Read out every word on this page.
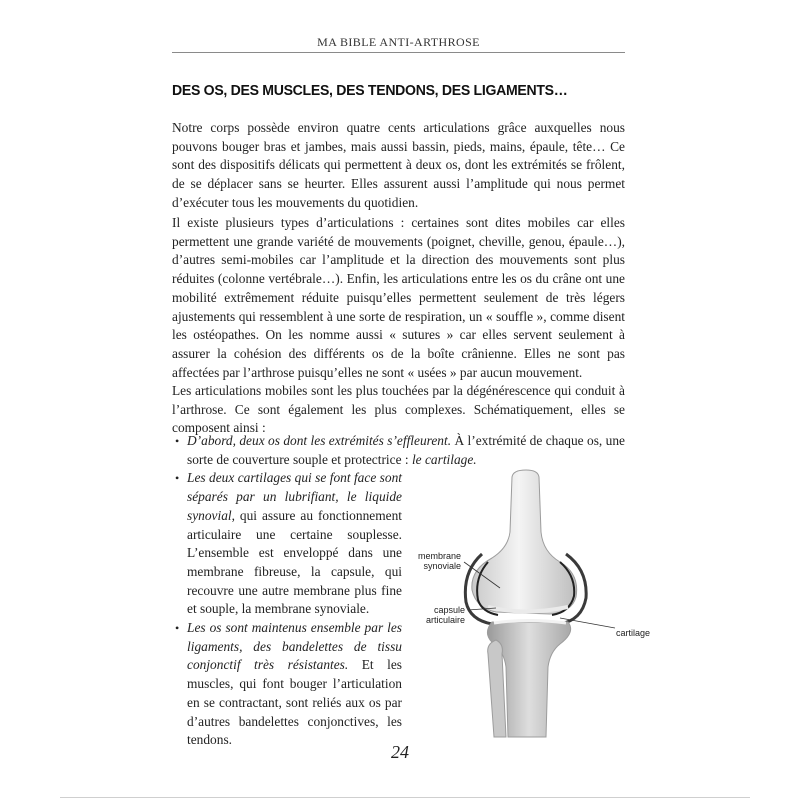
MA BIBLE ANTI-ARTHROSE
DES OS, DES MUSCLES, DES TENDONS, DES LIGAMENTS…

Notre corps possède environ quatre cents articulations grâce auxquelles nous pouvons bouger bras et jambes, mais aussi bassin, pieds, mains, épaule, tête… Ce sont des dispositifs délicats qui permettent à deux os, dont les extrémités se frôlent, de se déplacer sans se heurter. Elles assurent aussi l’amplitude qui nous permet d’exécuter tous les mouvements du quotidien.

Il existe plusieurs types d’articulations : certaines sont dites mobiles car elles permettent une grande variété de mouvements (poignet, cheville, genou, épaule…), d’autres semi-mobiles car l’amplitude et la direction des mouvements sont plus réduites (colonne vertébrale…). Enfin, les articulations entre les os du crâne ont une mobilité extrêmement réduite puisqu’elles permettent seulement de très légers ajustements qui ressemblent à une sorte de respiration, un « souffle », comme disent les ostéopathes. On les nomme aussi « sutures » car elles servent seulement à assurer la cohésion des différents os de la boîte crânienne. Elles ne sont pas affectées par l’arthrose puisqu’elles ne sont « usées » par aucun mouvement.

Les articulations mobiles sont les plus touchées par la dégénérescence qui conduit à l’arthrose. Ce sont également les plus complexes. Schématiquement, elles se composent ainsi :

• D’abord, deux os dont les extrémités s’effleurent. À l’extrémité de chaque os, une sorte de couverture souple et protectrice : le cartilage.
• Les deux cartilages qui se font face sont séparés par un lubrifiant, le liquide synovial, qui assure au fonctionnement articulaire une certaine souplesse. L’ensemble est enveloppé dans une membrane fibreuse, la capsule, qui recouvre une autre membrane plus fine et souple, la membrane synoviale.
• Les os sont maintenus ensemble par les ligaments, des bandelettes de tissu conjonctif très résistantes. Et les muscles, qui font bouger l’articulation en se contractant, sont reliés aux os par d’autres bandelettes conjonctives, les tendons.
membrane
synoviale
capsule
articulaire
cartilage
24
